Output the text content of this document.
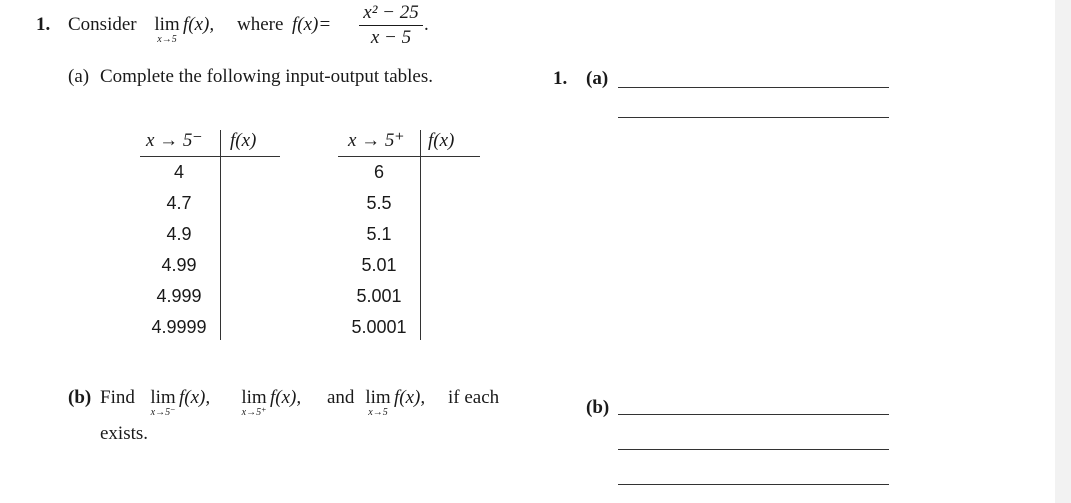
1. Consider lim
x→5
f(x), where f(x)=
x² − 25
x − 5
.
(a) Complete the following input-output tables.
x → 5⁻ f(x)
4
4.7
4.9
4.99
4.999
4.9999
x → 5⁺ f(x)
6
5.5
5.1
5.01
5.001
5.0001
(b) Find lim
x→5⁻
f(x), lim
x→5⁺
f(x), and lim
x→5
f(x), if each
exists.
1. (a)
(b)
